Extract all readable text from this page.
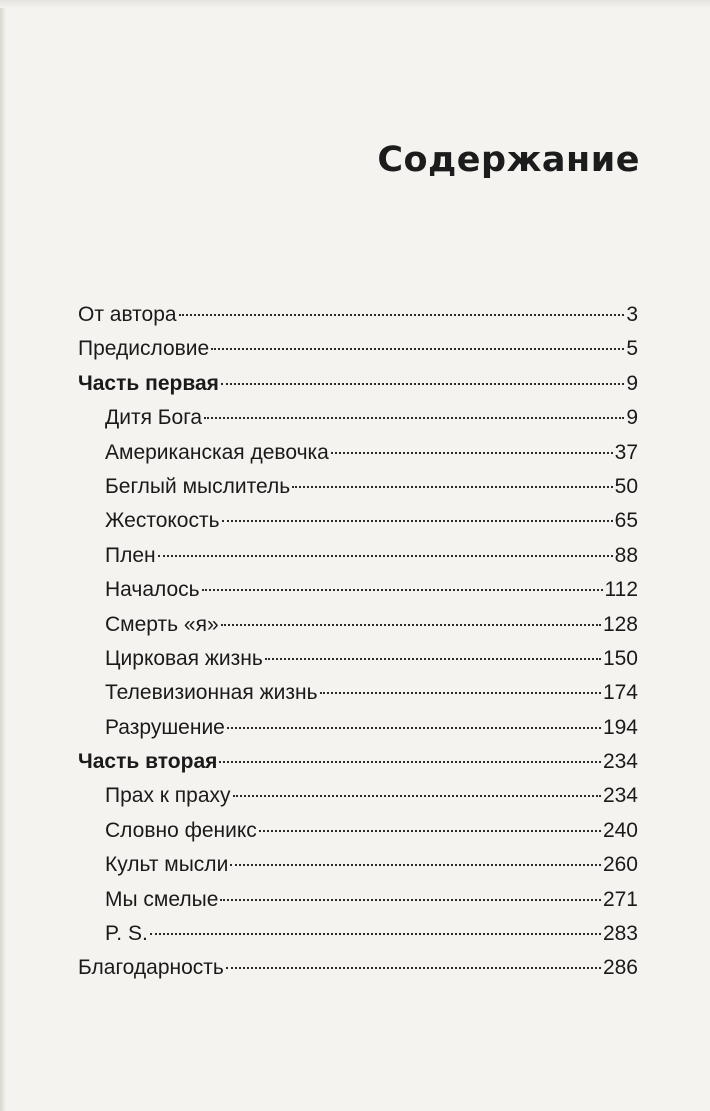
Содержание
От автора	3
Предисловие	5
Часть первая	9
Дитя Бога	9
Американская девочка	37
Беглый мыслитель	50
Жестокость	65
Плен	88
Началось	112
Смерть «я»	128
Цирковая жизнь	150
Телевизионная жизнь	174
Разрушение	194
Часть вторая	234
Прах к праху	234
Словно феникс	240
Культ мысли	260
Мы смелые	271
P. S.	283
Благодарность	286
